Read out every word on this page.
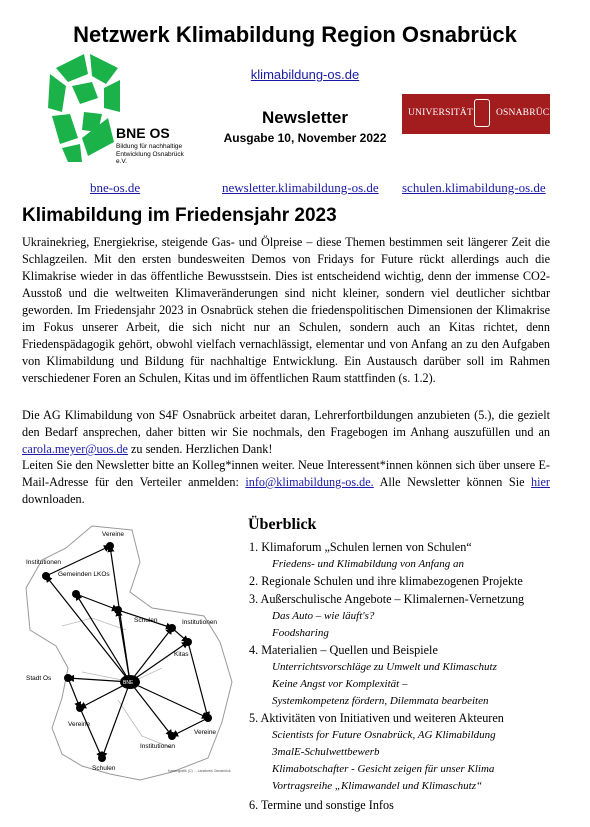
Netzwerk Klimabildung Region Osnabrück
BNE OS
Bildung für nachhaltige Entwicklung Osnabrück e.V.
klimabildung-os.de
Newsletter
Ausgabe 10, November 2022
UNIVERSITÄT OSNABRÜCK
bne-os.de	newsletter.klimabildung-os.de schulen.klimabildung-os.de
Klimabildung im Friedensjahr 2023
Ukrainekrieg, Energiekrise, steigende Gas- und Ölpreise – diese Themen bestimmen seit längerer Zeit die Schlagzeilen. Mit den ersten bundesweiten Demos von Fridays for Future rückt allerdings auch die Klimakrise wieder in das öffentliche Bewusstsein. Dies ist entscheidend wichtig, denn der immense CO2-Ausstoß und die weltweiten Klimaveränderungen sind nicht kleiner, sondern viel deutlicher sichtbar geworden. Im Friedensjahr 2023 in Osnabrück stehen die friedenspolitischen Dimensionen der Klimakrise im Fokus unserer Arbeit, die sich nicht nur an Schulen, sondern auch an Kitas richtet, denn Friedenspädagogik gehört, obwohl vielfach vernachlässigt, elementar und von Anfang an zu den Aufgaben von Klimabildung und Bildung für nachhaltige Entwicklung. Ein Austausch darüber soll im Rahmen verschiedener Foren an Schulen, Kitas und im öffentlichen Raum stattfinden (s. 1.2).
Die AG Klimabildung von S4F Osnabrück arbeitet daran, Lehrerfortbildungen anzubieten (5.), die gezielt den Bedarf ansprechen, daher bitten wir Sie nochmals, den Fragebogen im Anhang auszufüllen und an carola.meyer@uos.de zu senden. Herzlichen Dank!
Leiten Sie den Newsletter bitte an Kolleg*innen weiter. Neue Interessent*innen können sich über unsere E-Mail-Adresse für den Verteiler anmelden: info@klimabildung-os.de. Alle Newsletter können Sie hier downloaden.
Vereine
Institutionen
Gemeinden LKOs
Schulen	Institutionen
Kitas
Stadt Os
Vereine
Institutionen
Vereine
Schulen
BNE
Kartengrafik (C) ... Landkreis Osnabrück
Überblick
1. Klimaforum „Schulen lernen von Schulen“
Friedens- und Klimabildung von Anfang an
2. Regionale Schulen und ihre klimabezogenen Projekte
3. Außerschulische Angebote – Klimalernen-Vernetzung
Das Auto – wie läuft's?
Foodsharing
4. Materialien – Quellen und Beispiele
Unterrichtsvorschläge zu Umwelt und Klimaschutz
Keine Angst vor Komplexität –
Systemkompetenz fördern, Dilemmata bearbeiten
5. Aktivitäten von Initiativen und weiteren Akteuren
Scientists for Future Osnabrück, AG Klimabildung
3malE-Schulwettbewerb
Klimabotschafter - Gesicht zeigen für unser Klima
Vortragsreihe „Klimawandel und Klimaschutz“
6. Termine und sonstige Infos
